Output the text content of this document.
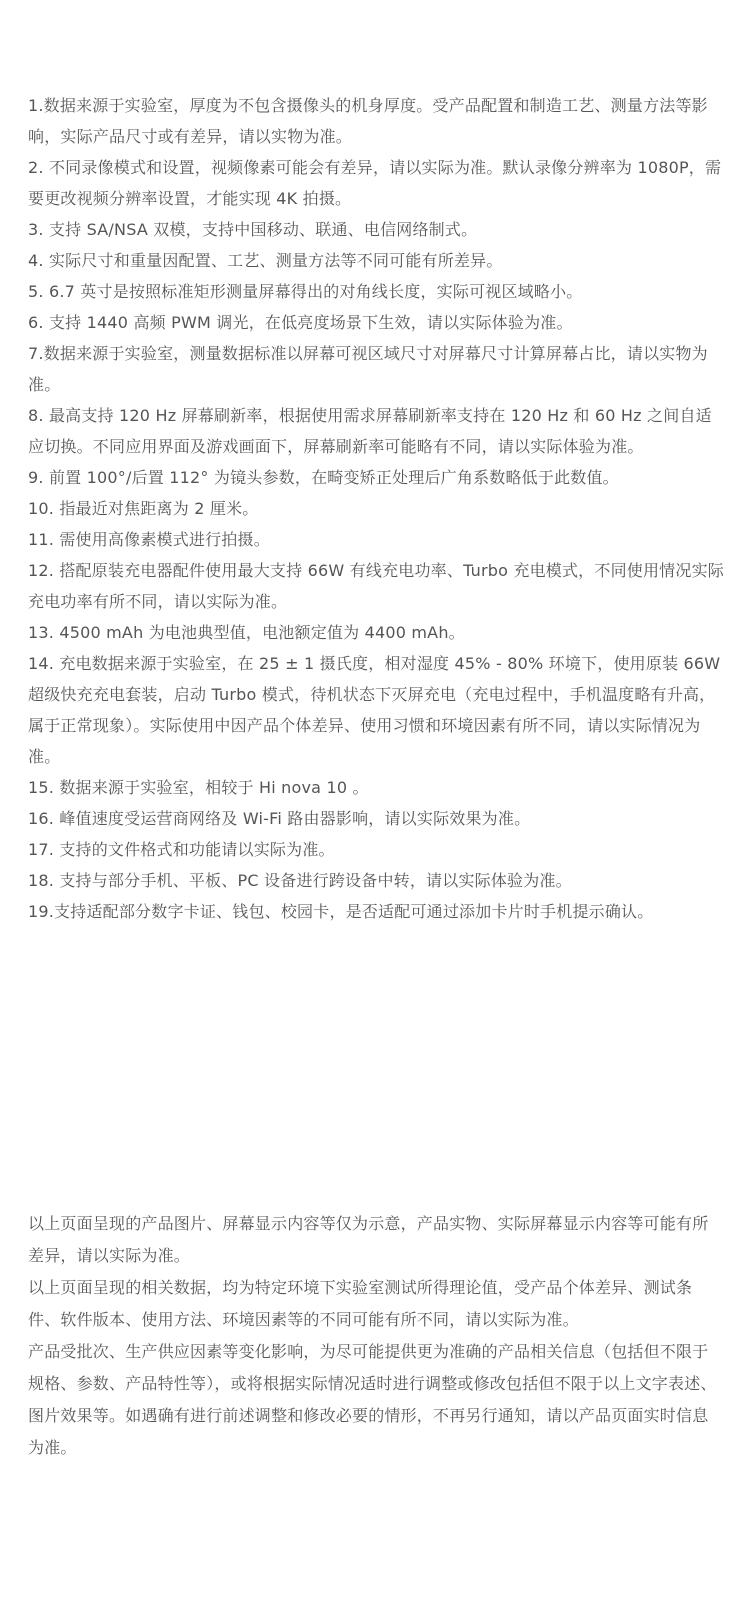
1.数据来源于实验室，厚度为不包含摄像头的机身厚度。受产品配置和制造工艺、测量方法等影响，实际产品尺寸或有差异，请以实物为准。
2. 不同录像模式和设置，视频像素可能会有差异，请以实际为准。默认录像分辨率为 1080P，需要更改视频分辨率设置，才能实现 4K 拍摄。
3. 支持 SA/NSA 双模，支持中国移动、联通、电信网络制式。
4. 实际尺寸和重量因配置、工艺、测量方法等不同可能有所差异。
5. 6.7 英寸是按照标准矩形测量屏幕得出的对角线长度，实际可视区域略小。
6. 支持 1440 高频 PWM 调光，在低亮度场景下生效，请以实际体验为准。
7.数据来源于实验室，测量数据标准以屏幕可视区域尺寸对屏幕尺寸计算屏幕占比，请以实物为准。
8. 最高支持 120 Hz 屏幕刷新率，根据使用需求屏幕刷新率支持在 120 Hz 和 60 Hz 之间自适应切换。不同应用界面及游戏画面下，屏幕刷新率可能略有不同，请以实际体验为准。
9. 前置 100°/后置 112° 为镜头参数，在畸变矫正处理后广角系数略低于此数值。
10. 指最近对焦距离为 2 厘米。
11. 需使用高像素模式进行拍摄。
12. 搭配原装充电器配件使用最大支持 66W 有线充电功率、Turbo 充电模式，不同使用情况实际充电功率有所不同，请以实际为准。
13. 4500 mAh 为电池典型值，电池额定值为 4400 mAh。
14. 充电数据来源于实验室，在 25 ± 1 摄氏度，相对湿度 45% - 80% 环境下，使用原装 66W 超级快充充电套装，启动 Turbo 模式，待机状态下灭屏充电（充电过程中，手机温度略有升高，属于正常现象）。实际使用中因产品个体差异、使用习惯和环境因素有所不同，请以实际情况为准。
15. 数据来源于实验室，相较于 Hi nova 10 。
16. 峰值速度受运营商网络及 Wi-Fi 路由器影响，请以实际效果为准。
17. 支持的文件格式和功能请以实际为准。
18. 支持与部分手机、平板、PC 设备进行跨设备中转，请以实际体验为准。
19.支持适配部分数字卡证、钱包、校园卡，是否适配可通过添加卡片时手机提示确认。

以上页面呈现的产品图片、屏幕显示内容等仅为示意，产品实物、实际屏幕显示内容等可能有所差异，请以实际为准。

以上页面呈现的相关数据，均为特定环境下实验室测试所得理论值，受产品个体差异、测试条件、软件版本、使用方法、环境因素等的不同可能有所不同，请以实际为准。

产品受批次、生产供应因素等变化影响，为尽可能提供更为准确的产品相关信息（包括但不限于规格、参数、产品特性等），或将根据实际情况适时进行调整或修改包括但不限于以上文字表述、图片效果等。如遇确有进行前述调整和修改必要的情形，不再另行通知，请以产品页面实时信息为准。
